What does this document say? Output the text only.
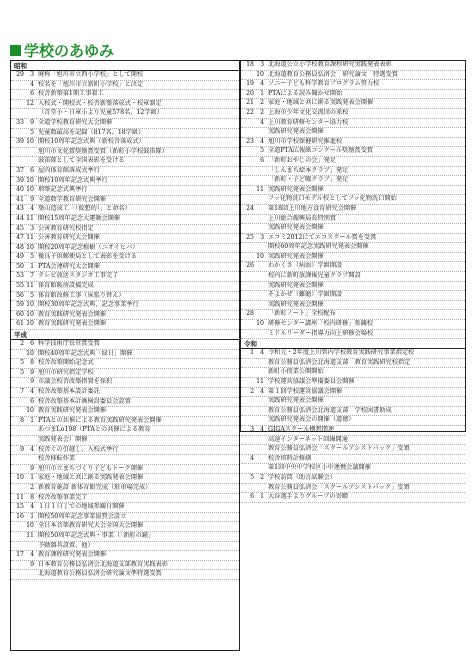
学校のあゆみ
昭和
29 3 廃称「旭川市立西小学校」として開校
4 校名を「旭川市立新町小学校」と決定
6 校舎新築第1期工事着工
12 入校式・開校式・校舎新築落成式・校章制定
（青堂小・日章小より児童578名、12学級）
33 9 全道学校教育研究大会開催
5 児童数最高を記録（817名、18学級）
39 10 開校10周年記念式典（新校舎落成式）
旭川市文化賞奨励賞受賞（新町小学校鼓笛隊）
鼓笛隊として全国表彰を受ける
37 6 屋内体育館落成式挙行
39 10 開校10周年記念式典挙行
40 10 増築記念式典挙行
41 9 全道数学教育研究会開催
43 4 築山造成工「（仮想的）」と命名）
44 11 開校15周年記念大運動会開催
45 3 公害教育研究校指定
47 11 公害教育研究大会開催
48 10 開校20周年記念植樹（ニオイヒバ）
49 5 優良子供郵便局として表彰を受ける
50 1 PTA会連研究大会開催
53 7 テレビ放送スタジオ工事完了
55 11 体育館暖房設備完成
56 5 体育館改修工事（床張り替え）
59 10 開校30周年記念式典、記念事業挙行
60 10 教育実践研究発表会開催
61 10 教育実践研究発表会開催
平成
2 6 科学技術庁長官賞受賞
10 開校40周年記念式典「緑日」開催
5 8 校舎改築開始記念式
5 9 旭川市研究指定学校
9 市議会校舎改築措置を採択
7 4 校舎改築基本設計委託
6 校舎改築基本計画検討委員会設置
10 教育実践研究発表会開催
8 1 PTAとの共催による教育実践研究発表会開催
あつまLo198（PTAとの共催による教育
実践発表会）開催
9 4 校舎ぐの引越し、入校式挙行
校舎移転作業
9 旭川市立まちづくり子どもトーク開催
10 1 家庭・地域と共に創る実践発表会開催
2 新教育施設 新体育館完成（駐車場完成）
11 8 校舎改築事業完了
15 4 １日１日丁での地域参観日開催
16 1 開校50周年記念事業協賛会設立
10 全日本音楽教育研究大会全国大会開催
11 開校50周年記念式典・事業（「新町の鐘」
予動器具設置、他）
17 4 教育課程研究発表会開催
9 日本教育公務員弘済会北海道支部教育実践表彰
北海道教育公務員弘済会研究論文準特選受賞
18 3 北海道公立小学校教育課程研究実践発表表彰
10 北海道教育公務員弘済会　研究論文　特選受賞
19 4 ソニー子ども科学教育プログラム努力校
20 1 PTAによる読み聞かせ開始
21 2 家庭・地域と共に創る実践発表会開催
22 2 上海市少年文化交流団の来校
4 上川教育研修センター協力校
実践研究発表会開催
23 4 旭川市学校保健研究推進校
5 全道PTA広報紙コンクール奨励賞受賞
6 「新町おやじの会」発足
「しんまち絵本クラブ」発足
「新町・子ど曜クラブ」発足
11 実践研究発表会開催
フッ化物洗口モデル校としてフッ化物洗口開始
24 第18回上川地方食育研究会開催
上川総合振興局長特別賞
実践研究発表会開催
25 3 エコミ2012にてエコスクール賞を受賞
開校60周年記念実践研究発表会開催
10 実践研究発表会開催
26 わかくさ（病弱）学級開設
校内に新町放課後児童クラブ開設
実践研究発表会開催
そよかぜ（難聴）学級開設
実践研究発表会開催
28 「新町ノート」全校配布
10 研修センター講座「校内研修」参観校
ミドルリーダー指導力向上研修会場校
令和
1 4 令和元・2年度上川管内学校教育実践研究事業指定校
教育公務員弘済会北海道支部　教育実践研究校指定
新町小授業公開開始
11 学校運営協議会準備委員会開催
2 4 第１回学校運営協議会開催
実践研究発表会開催
教育公務員弘済会北海道支部　学校図書助成
実践研究発表会の開催（道徳）
3 4 GIGAスクール構想関連
高速インターネット回線開通
教育公務員弘済会「スクールアシストパック」受領
4 校舎塔時計修繕
第1回中央中学校区小中連携会議開催
5 2 学校訪問（助言試験会）
教育公務員弘済会「スクールアシストパック」受領
6 1 大谷選手よりグループの寄贈
